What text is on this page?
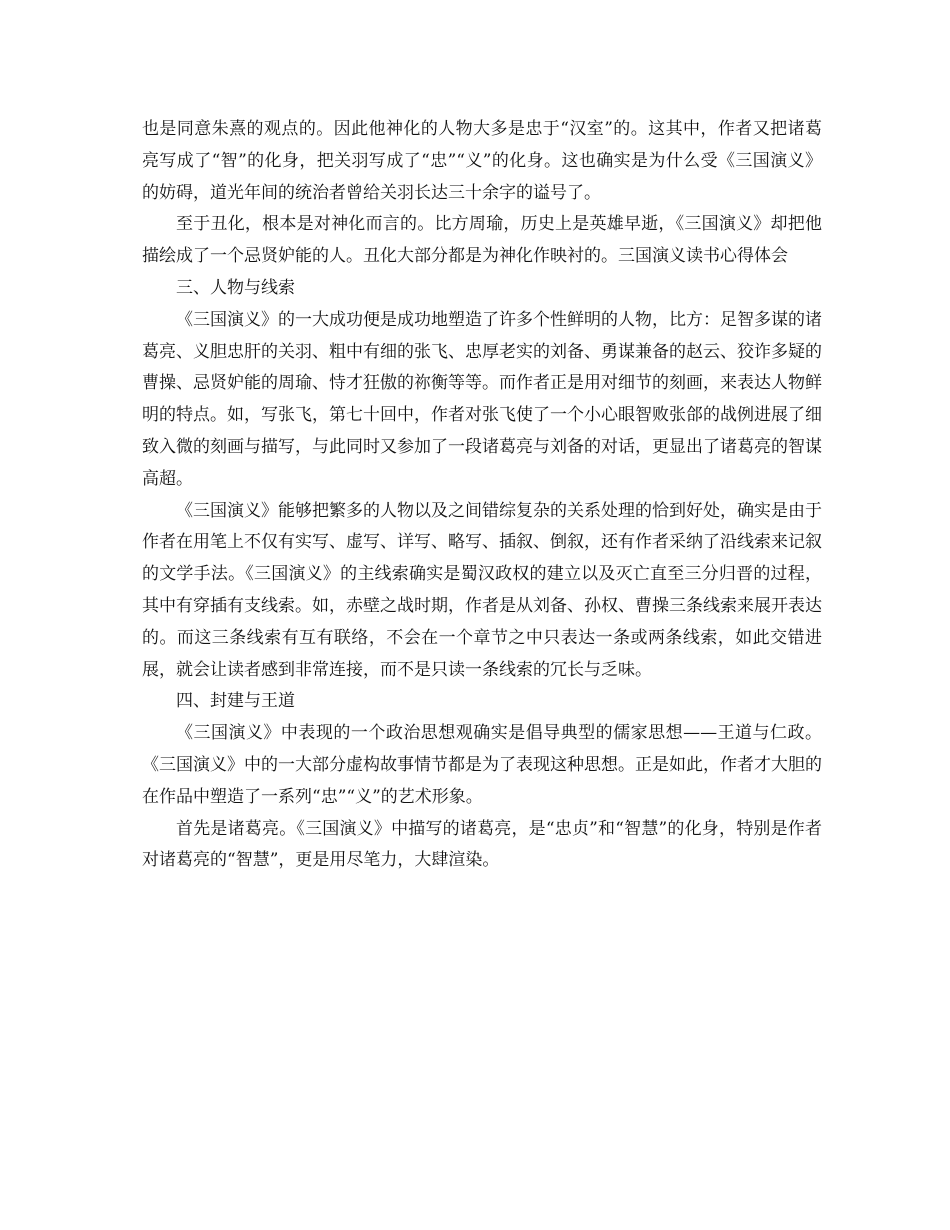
也是同意朱熹的观点的。因此他神化的人物大多是忠于“汉室”的。这其中，作者又把诸葛亮写成了“智”的化身，把关羽写成了“忠”“义”的化身。这也确实是为什么受《三国演义》的妨碍，道光年间的统治者曾给关羽长达三十余字的谥号了。

至于丑化，根本是对神化而言的。比方周瑜，历史上是英雄早逝，《三国演义》却把他描绘成了一个忌贤妒能的人。丑化大部分都是为神化作映衬的。三国演义读书心得体会

三、人物与线索

《三国演义》的一大成功便是成功地塑造了许多个性鲜明的人物，比方：足智多谋的诸葛亮、义胆忠肝的关羽、粗中有细的张飞、忠厚老实的刘备、勇谋兼备的赵云、狡诈多疑的曹操、忌贤妒能的周瑜、恃才狂傲的祢衡等等。而作者正是用对细节的刻画，来表达人物鲜明的特点。如，写张飞，第七十回中，作者对张飞使了一个小心眼智败张郃的战例进展了细致入微的刻画与描写，与此同时又参加了一段诸葛亮与刘备的对话，更显出了诸葛亮的智谋高超。

《三国演义》能够把繁多的人物以及之间错综复杂的关系处理的恰到好处，确实是由于作者在用笔上不仅有实写、虚写、详写、略写、插叙、倒叙，还有作者采纳了沿线索来记叙的文学手法。《三国演义》的主线索确实是蜀汉政权的建立以及灭亡直至三分归晋的过程，其中有穿插有支线索。如，赤壁之战时期，作者是从刘备、孙权、曹操三条线索来展开表达的。而这三条线索有互有联络，不会在一个章节之中只表达一条或两条线索，如此交错进展，就会让读者感到非常连接，而不是只读一条线索的冗长与乏味。

四、封建与王道

《三国演义》中表现的一个政治思想观确实是倡导典型的儒家思想——王道与仁政。《三国演义》中的一大部分虚构故事情节都是为了表现这种思想。正是如此，作者才大胆的在作品中塑造了一系列“忠”“义”的艺术形象。

首先是诸葛亮。《三国演义》中描写的诸葛亮，是“忠贞”和“智慧”的化身，特别是作者对诸葛亮的“智慧”，更是用尽笔力，大肆渲染。
